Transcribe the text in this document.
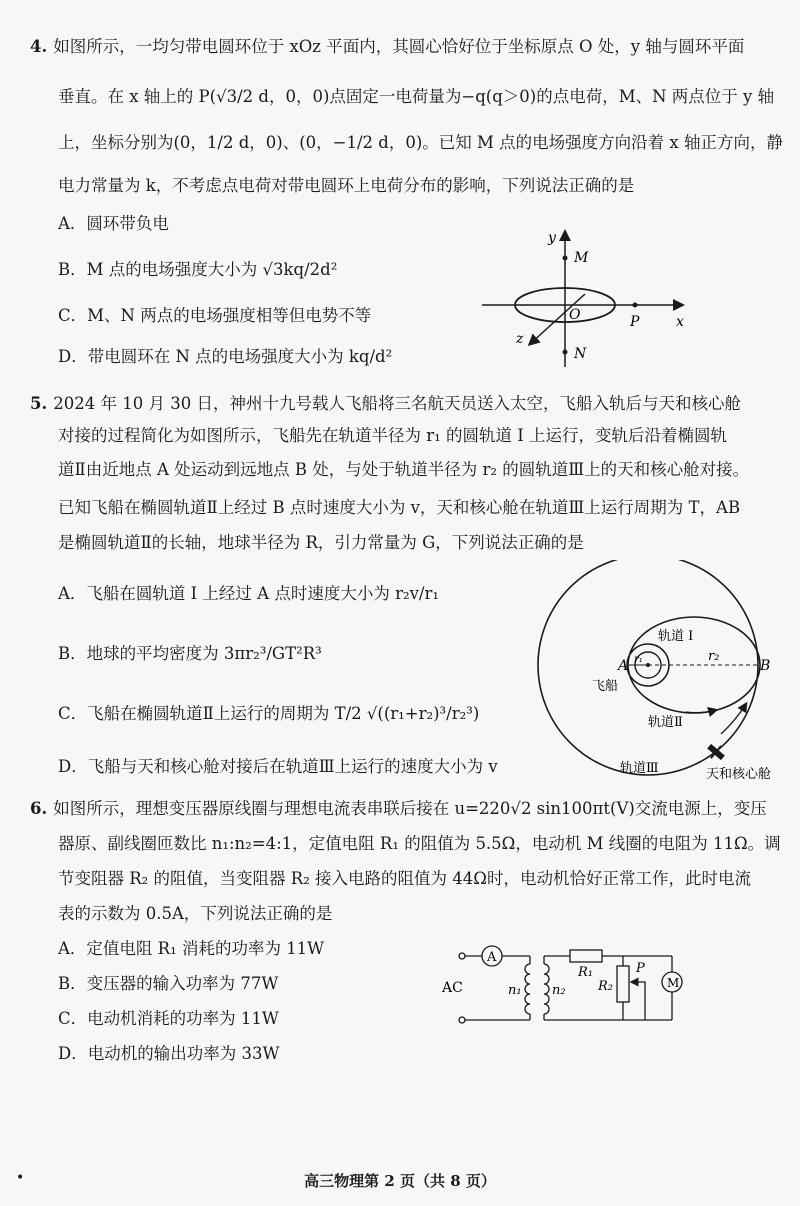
4. 如图所示，一均匀带电圆环位于 xOz 平面内，其圆心恰好位于坐标原点 O 处，y 轴与圆环平面
垂直。在 x 轴上的 P(√3/2 d，0，0)点固定一电荷量为−q(q＞0)的点电荷，M、N 两点位于 y 轴
上，坐标分别为(0，1/2 d，0)、(0，−1/2 d，0)。已知 M 点的电场强度方向沿着 x 轴正方向，静
电力常量为 k，不考虑点电荷对带电圆环上电荷分布的影响，下列说法正确的是
A．圆环带负电
B．M 点的电场强度大小为 √3kq/2d²
C．M、N 两点的电场强度相等但电势不等
D．带电圆环在 N 点的电场强度大小为 kq/d²
y
M
O	P	x
z
N
5. 2024 年 10 月 30 日，神州十九号载人飞船将三名航天员送入太空，飞船入轨后与天和核心舱
对接的过程简化为如图所示，飞船先在轨道半径为 r₁ 的圆轨道 Ⅰ 上运行，变轨后沿着椭圆轨
道Ⅱ由近地点 A 处运动到远地点 B 处，与处于轨道半径为 r₂ 的圆轨道Ⅲ上的天和核心舱对接。
已知飞船在椭圆轨道Ⅱ上经过 B 点时速度大小为 v，天和核心舱在轨道Ⅲ上运行周期为 T，AB
是椭圆轨道Ⅱ的长轴，地球半径为 R，引力常量为 G，下列说法正确的是
A．飞船在圆轨道 Ⅰ 上经过 A 点时速度大小为 r₂v/r₁
B．地球的平均密度为 3πr₂³/GT²R³
C．飞船在椭圆轨道Ⅱ上运行的周期为 T/2 √((r₁+r₂)³/r₂³)
D．飞船与天和核心舱对接后在轨道Ⅲ上运行的速度大小为 v
轨道 Ⅰ
r₂
r₁
A	B
飞船
轨道Ⅱ
轨道Ⅲ	天和核心舱
6. 如图所示，理想变压器原线圈与理想电流表串联后接在 u=220√2 sin100πt(V)交流电源上，变压
器原、副线圈匝数比 n₁:n₂=4:1，定值电阻 R₁ 的阻值为 5.5Ω，电动机 M 线圈的电阻为 11Ω。调
节变阻器 R₂ 的阻值，当变阻器 R₂ 接入电路的阻值为 44Ω时，电动机恰好正常工作，此时电流
表的示数为 0.5A，下列说法正确的是
A．定值电阻 R₁ 消耗的功率为 11W
B．变压器的输入功率为 77W
C．电动机消耗的功率为 11W
D．电动机的输出功率为 33W
A
AC	n₁ n₂
R₁
R₂
P
M
•	高三物理第 2 页（共 8 页）
